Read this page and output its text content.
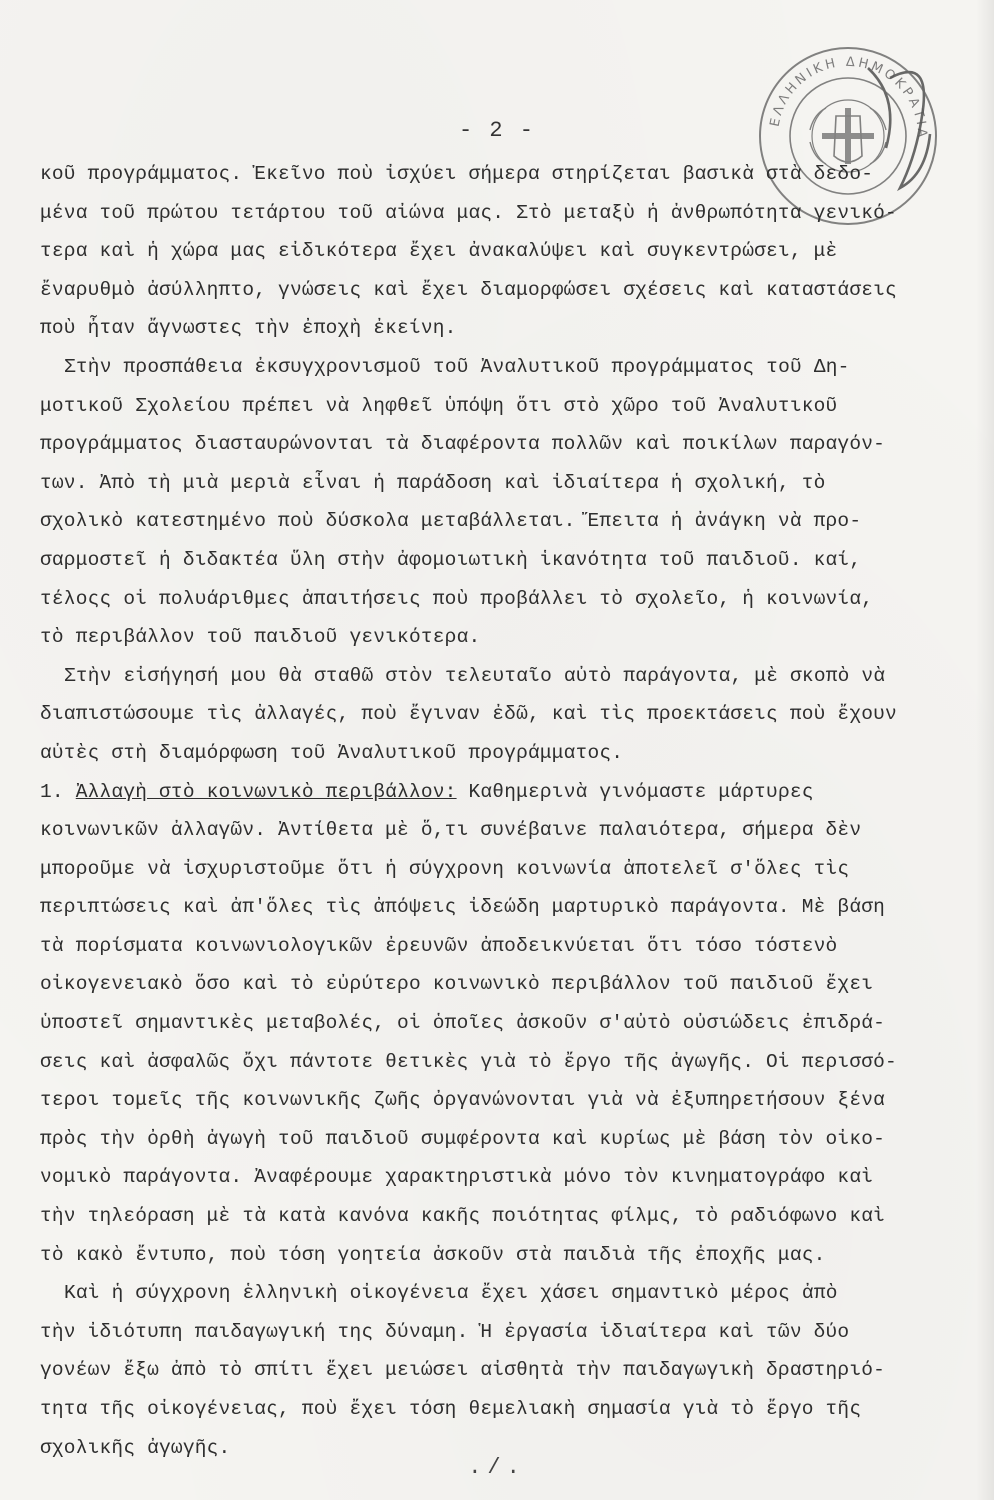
ΕΛΛΗΝΙΚΗ ΔΗΜΟΚΡΑΤΙΑ
- 2 -
κοῦ προγράμματος. Ἐκεῖνο ποὺ ἰσχύει σήμερα στηρίζεται βασικὰ στὰ δεδο-
μένα τοῦ πρώτου τετάρτου τοῦ αἰώνα μας. Στὸ μεταξὺ ἡ ἀνθρωπότητα γενικό-
τερα καὶ ἡ χώρα μας εἰδικότερα ἔχει ἀνακαλύψει καὶ συγκεντρώσει, μὲ
ἔναρυθμὸ ἀσύλληπτο, γνώσεις καὶ ἔχει διαμορφώσει σχέσεις καὶ καταστάσεις
ποὺ ἦταν ἄγνωστες τὴν ἐποχὴ ἐκείνη.
Στὴν προσπάθεια ἐκσυγχρονισμοῦ τοῦ Ἀναλυτικοῦ προγράμματος τοῦ Δη-
μοτικοῦ Σχολείου πρέπει νὰ ληφθεῖ ὑπόψη ὅτι στὸ χῶρο τοῦ Ἀναλυτικοῦ
προγράμματος διασταυρώνονται τὰ διαφέροντα πολλῶν καὶ ποικίλων παραγόν-
των. Ἀπὸ τὴ μιὰ μεριὰ εἶναι ἡ παράδοση καὶ ἰδιαίτερα ἡ σχολική, τὸ
σχολικὸ κατεστημένο ποὺ δύσκολα μεταβάλλεται. Ἔπειτα ἡ ἀνάγκη νὰ προ-
σαρμοστεῖ ἡ διδακτέα ὕλη στὴν ἀφομοιωτικὴ ἱκανότητα τοῦ παιδιοῦ. καί,
τέλοςς οἱ πολυάριθμες ἀπαιτήσεις ποὺ προβάλλει τὸ σχολεῖο, ἡ κοινωνία,
τὸ περιβάλλον τοῦ παιδιοῦ γενικότερα.
Στὴν εἰσήγησή μου θὰ σταθῶ στὸν τελευταῖο αὐτὸ παράγοντα, μὲ σκοπὸ νὰ
διαπιστώσουμε τὶς ἀλλαγές, ποὺ ἔγιναν ἐδῶ, καὶ τὶς προεκτάσεις ποὺ ἔχουν
αὐτὲς στὴ διαμόρφωση τοῦ Ἀναλυτικοῦ προγράμματος.
1. Ἀλλαγὴ στὸ κοινωνικὸ περιβάλλον: Καθημερινὰ γινόμαστε μάρτυρες
κοινωνικῶν ἀλλαγῶν. Ἀντίθετα μὲ ὅ,τι συνέβαινε παλαιότερα, σήμερα δὲν
μποροῦμε νὰ ἰσχυριστοῦμε ὅτι ἡ σύγχρονη κοινωνία ἀποτελεῖ σ'ὅλες τὶς
περιπτώσεις καὶ ἀπ'ὅλες τὶς ἀπόψεις ἰδεώδη μαρτυρικὸ παράγοντα. Μὲ βάση
τὰ πορίσματα κοινωνιολογικῶν ἐρευνῶν ἀποδεικνύεται ὅτι τόσο τόστενὸ
οἰκογενειακὸ ὅσο καὶ τὸ εὐρύτερο κοινωνικὸ περιβάλλον τοῦ παιδιοῦ ἔχει
ὑποστεῖ σημαντικὲς μεταβολές, οἱ ὁποῖες ἀσκοῦν σ'αὐτὸ οὐσιώδεις ἐπιδρά-
σεις καὶ ἀσφαλῶς ὄχι πάντοτε θετικὲς γιὰ τὸ ἔργο τῆς ἀγωγῆς. Οἱ περισσό-
τεροι τομεῖς τῆς κοινωνικῆς ζωῆς ὀργανώνονται γιὰ νὰ ἐξυπηρετήσουν ξένα
πρὸς τὴν ὀρθὴ ἀγωγὴ τοῦ παιδιοῦ συμφέροντα καὶ κυρίως μὲ βάση τὸν οἰκο-
νομικὸ παράγοντα. Ἀναφέρουμε χαρακτηριστικὰ μόνο τὸν κινηματογράφο καὶ
τὴν τηλεόραση μὲ τὰ κατὰ κανόνα κακῆς ποιότητας φίλμς, τὸ ραδιόφωνο καὶ
τὸ κακὸ ἔντυπο, ποὺ τόση γοητεία ἀσκοῦν στὰ παιδιὰ τῆς ἐποχῆς μας.
Καὶ ἡ σύγχρονη ἑλληνικὴ οἰκογένεια ἔχει χάσει σημαντικὸ μέρος ἀπὸ
τὴν ἰδιότυπη παιδαγωγική της δύναμη. Ἡ ἐργασία ἰδιαίτερα καὶ τῶν δύο
γονέων ἔξω ἀπὸ τὸ σπίτι ἔχει μειώσει αἰσθητὰ τὴν παιδαγωγικὴ δραστηριό-
τητα τῆς οἰκογένειας, ποὺ ἔχει τόση θεμελιακὴ σημασία γιὰ τὸ ἔργο τῆς
σχολικῆς ἀγωγῆς.
./.
